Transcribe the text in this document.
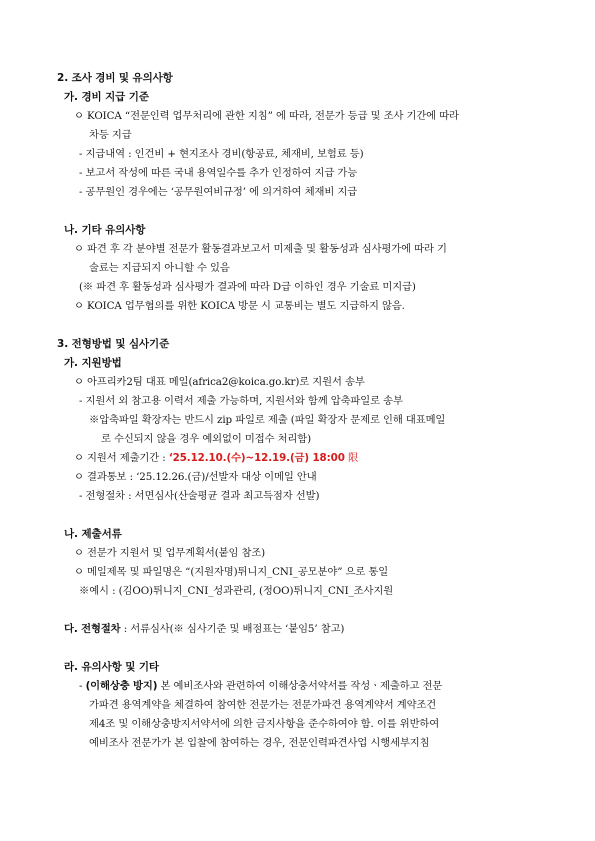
2. 조사 경비 및 유의사항
가. 경비 지급 기준
ㅇ KOICA “전문인력 업무처리에 관한 지침” 에 따라, 전문가 등급 및 조사 기간에 따라
차등 지급
- 지급내역 : 인건비 + 현지조사 경비(항공료, 체재비, 보험료 등)
- 보고서 작성에 따른 국내 용역일수를 추가 인정하여 지급 가능
- 공무원인 경우에는 ‘공무원여비규정’ 에 의거하여 체재비 지급
나. 기타 유의사항
ㅇ 파견 후 각 분야별 전문가 활동결과보고서 미제출 및 활동성과 심사평가에 따라 기
술료는 지급되지 아니할 수 있음
(※ 파견 후 활동성과 심사평가 결과에 따라 D급 이하인 경우 기술료 미지급)
ㅇ KOICA 업무협의를 위한 KOICA 방문 시 교통비는 별도 지급하지 않음.
3. 전형방법 및 심사기준
가. 지원방법
ㅇ 아프리카2팀 대표 메일(africa2@koica.go.kr)로 지원서 송부
- 지원서 외 참고용 이력서 제출 가능하며, 지원서와 함께 압축파일로 송부
※압축파일 확장자는 반드시 zip 파일로 제출 (파일 확장자 문제로 인해 대표메일
로 수신되지 않을 경우 예외없이 미접수 처리함)
ㅇ 지원서 제출기간 : ‘25.12.10.(수)~12.19.(금) 18:00 限
ㅇ 결과통보 : ‘25.12.26.(금)/선발자 대상 이메일 안내
- 전형절차 : 서면심사(산술평균 결과 최고득점자 선발)
나. 제출서류
ㅇ 전문가 지원서 및 업무계획서(붙임 참조)
ㅇ 메일제목 및 파일명은 “(지원자명)튀니지_CNI_공모분야” 으로 통일
※예시 : (김OO)튀니지_CNI_성과관리, (정OO)튀니지_CNI_조사지원
다. 전형절차 : 서류심사(※ 심사기준 및 배점표는 ‘붙임5’ 참고)
라. 유의사항 및 기타
- (이해상충 방지) 본 예비조사와 관련하여 이해상충서약서를 작성ㆍ제출하고 전문
가파견 용역계약을 체결하여 참여한 전문가는 전문가파견 용역계약서 계약조건
제4조 및 이해상충방지서약서에 의한 금지사항을 준수하여야 함. 이를 위반하여
예비조사 전문가가 본 입찰에 참여하는 경우, 전문인력파견사업 시행세부지침
